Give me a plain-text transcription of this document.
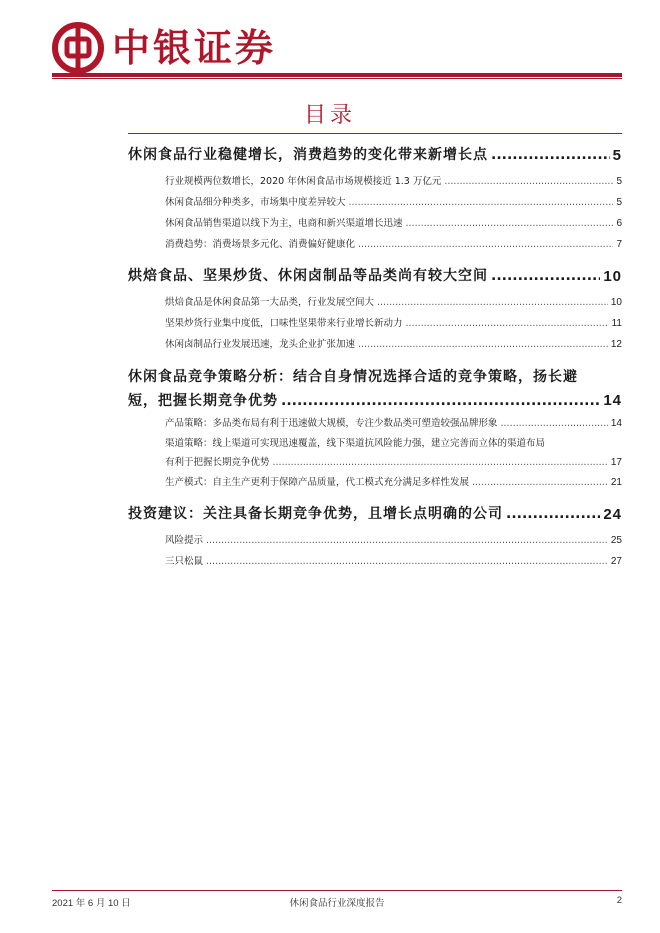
中银证券
目录
休闲食品行业稳健增长，消费趋势的变化带来新增长点 .....	5
行业规模两位数增长，2020 年休闲食品市场规模接近 1.3 万亿元 .....	5
休闲食品细分种类多，市场集中度差异较大 .....	5
休闲食品销售渠道以线下为主，电商和新兴渠道增长迅速 .....	6
消费趋势：消费场景多元化、消费偏好健康化 .....	7
烘焙食品、坚果炒货、休闲卤制品等品类尚有较大空间 .....	10
烘焙食品是休闲食品第一大品类，行业发展空间大 .....	10
坚果炒货行业集中度低，口味性坚果带来行业增长新动力 .....	11
休闲卤制品行业发展迅速，龙头企业扩张加速 .....	12
休闲食品竞争策略分析：结合自身情况选择合适的竞争策略，扬长避
短，把握长期竞争优势 .....	14
产品策略：多品类布局有利于迅速做大规模，专注少数品类可塑造较强品牌形象 .....	14
渠道策略：线上渠道可实现迅速覆盖，线下渠道抗风险能力强，建立完善而立体的渠道布局
有利于把握长期竞争优势 .....	17
生产模式：自主生产更利于保障产品质量，代工模式充分满足多样性发展 .....	21
投资建议：关注具备长期竞争优势，且增长点明确的公司 .....	24
风险提示 .....	25
三只松鼠 .....	27
2021 年 6 月 10 日	休闲食品行业深度报告	2
